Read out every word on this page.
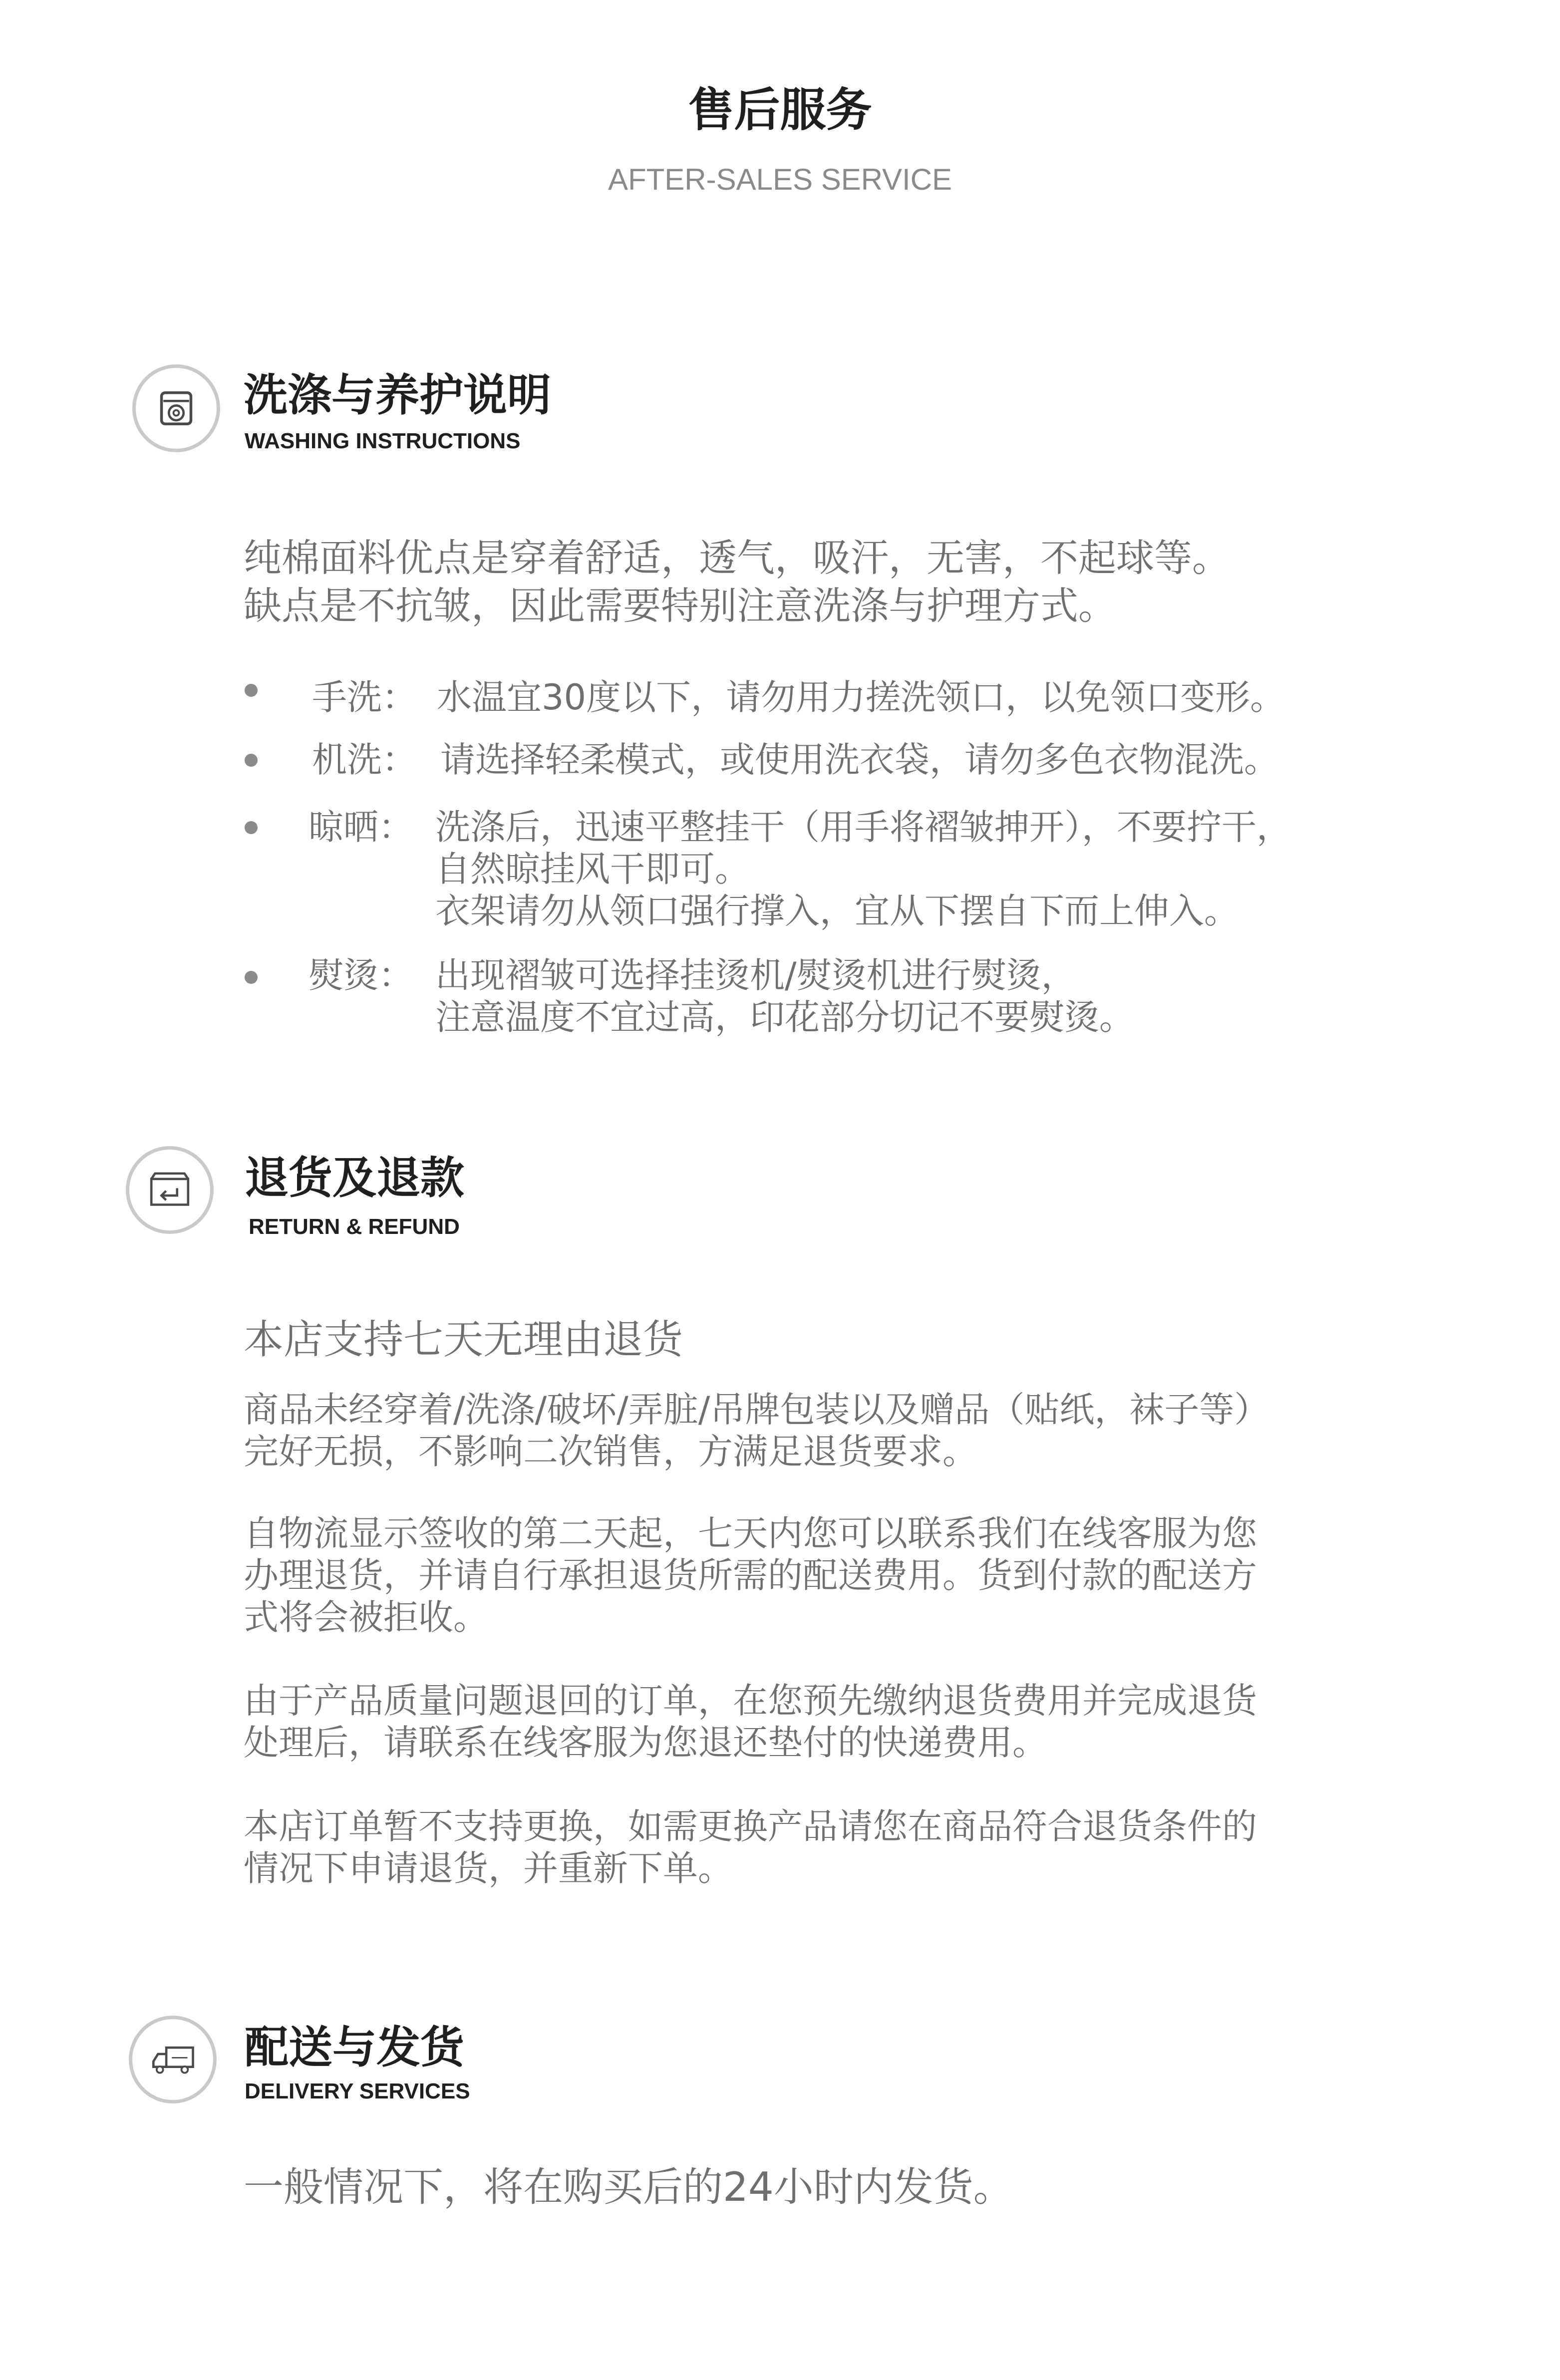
售后服务
AFTER-SALES SERVICE
洗涤与养护说明
WASHING INSTRUCTIONS
纯棉面料优点是穿着舒适，透气，吸汗，无害，不起球等。
缺点是不抗皱，因此需要特别注意洗涤与护理方式。
手洗： 水温宜30度以下，请勿用力搓洗领口，以免领口变形。
机洗： 请选择轻柔模式，或使用洗衣袋，请勿多色衣物混洗。
晾晒： 洗涤后，迅速平整挂干（用手将褶皱抻开），不要拧干，
自然晾挂风干即可。
衣架请勿从领口强行撑入，宜从下摆自下而上伸入。
熨烫： 出现褶皱可选择挂烫机/熨烫机进行熨烫，
注意温度不宜过高，印花部分切记不要熨烫。
退货及退款
RETURN & REFUND
本店支持七天无理由退货
商品未经穿着/洗涤/破坏/弄脏/吊牌包装以及赠品（贴纸，袜子等）
完好无损，不影响二次销售，方满足退货要求。
自物流显示签收的第二天起，七天内您可以联系我们在线客服为您
办理退货，并请自行承担退货所需的配送费用。货到付款的配送方
式将会被拒收。
由于产品质量问题退回的订单，在您预先缴纳退货费用并完成退货
处理后，请联系在线客服为您退还垫付的快递费用。
本店订单暂不支持更换，如需更换产品请您在商品符合退货条件的
情况下申请退货，并重新下单。
配送与发货
DELIVERY SERVICES
一般情况下，将在购买后的24小时内发货。
